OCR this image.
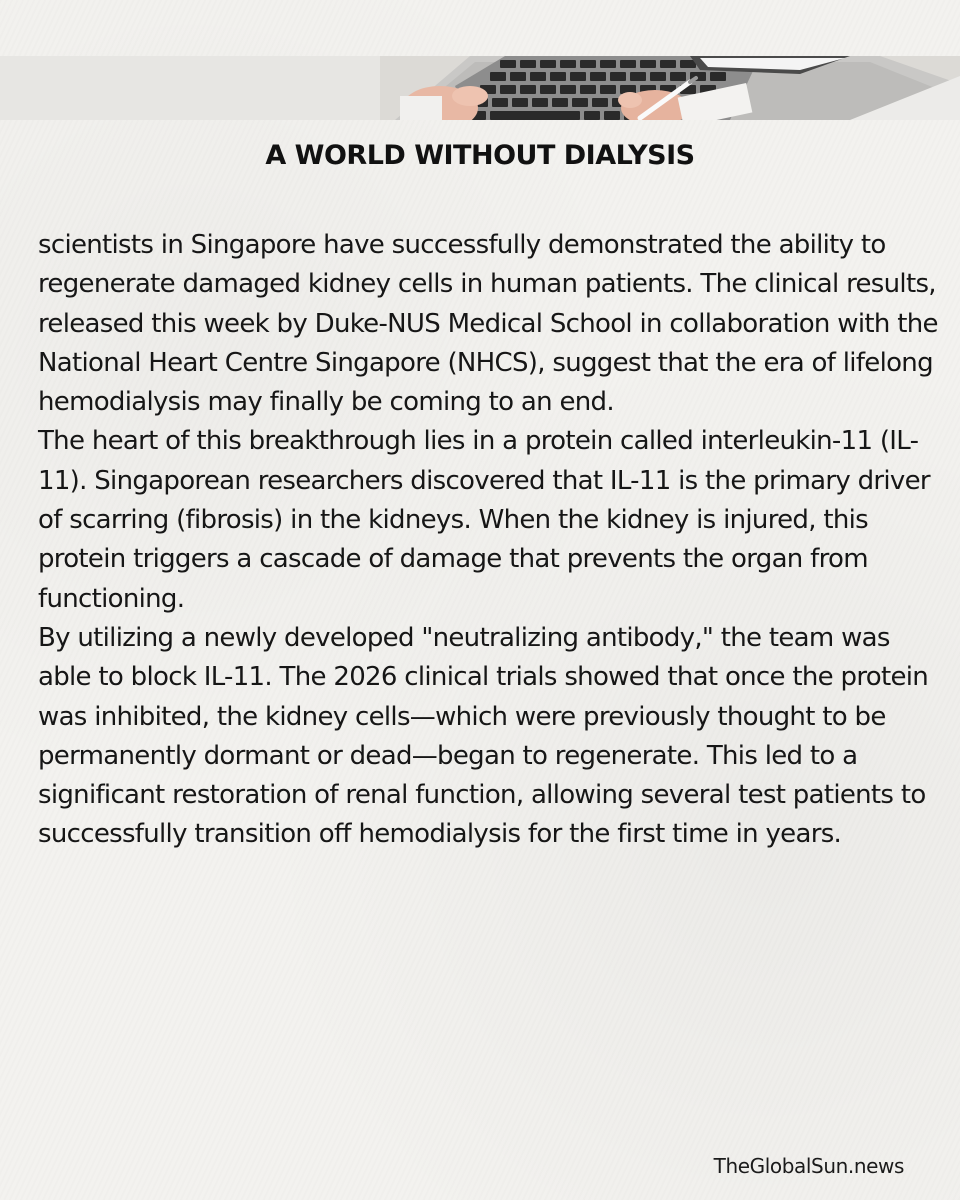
A WORLD WITHOUT DIALYSIS

scientists in Singapore have successfully demonstrated the ability to regenerate damaged kidney cells in human patients. The clinical results, released this week by Duke-NUS Medical School in collaboration with the National Heart Centre Singapore (NHCS), suggest that the era of lifelong hemodialysis may finally be coming to an end.

The heart of this breakthrough lies in a protein called interleukin-11 (IL-11). Singaporean researchers discovered that IL-11 is the primary driver of scarring (fibrosis) in the kidneys. When the kidney is injured, this protein triggers a cascade of damage that prevents the organ from functioning.

By utilizing a newly developed "neutralizing antibody," the team was able to block IL-11. The 2026 clinical trials showed that once the protein was inhibited, the kidney cells—which were previously thought to be permanently dormant or dead—began to regenerate. This led to a significant restoration of renal function, allowing several test patients to successfully transition off hemodialysis for the first time in years.

TheGlobalSun.news
